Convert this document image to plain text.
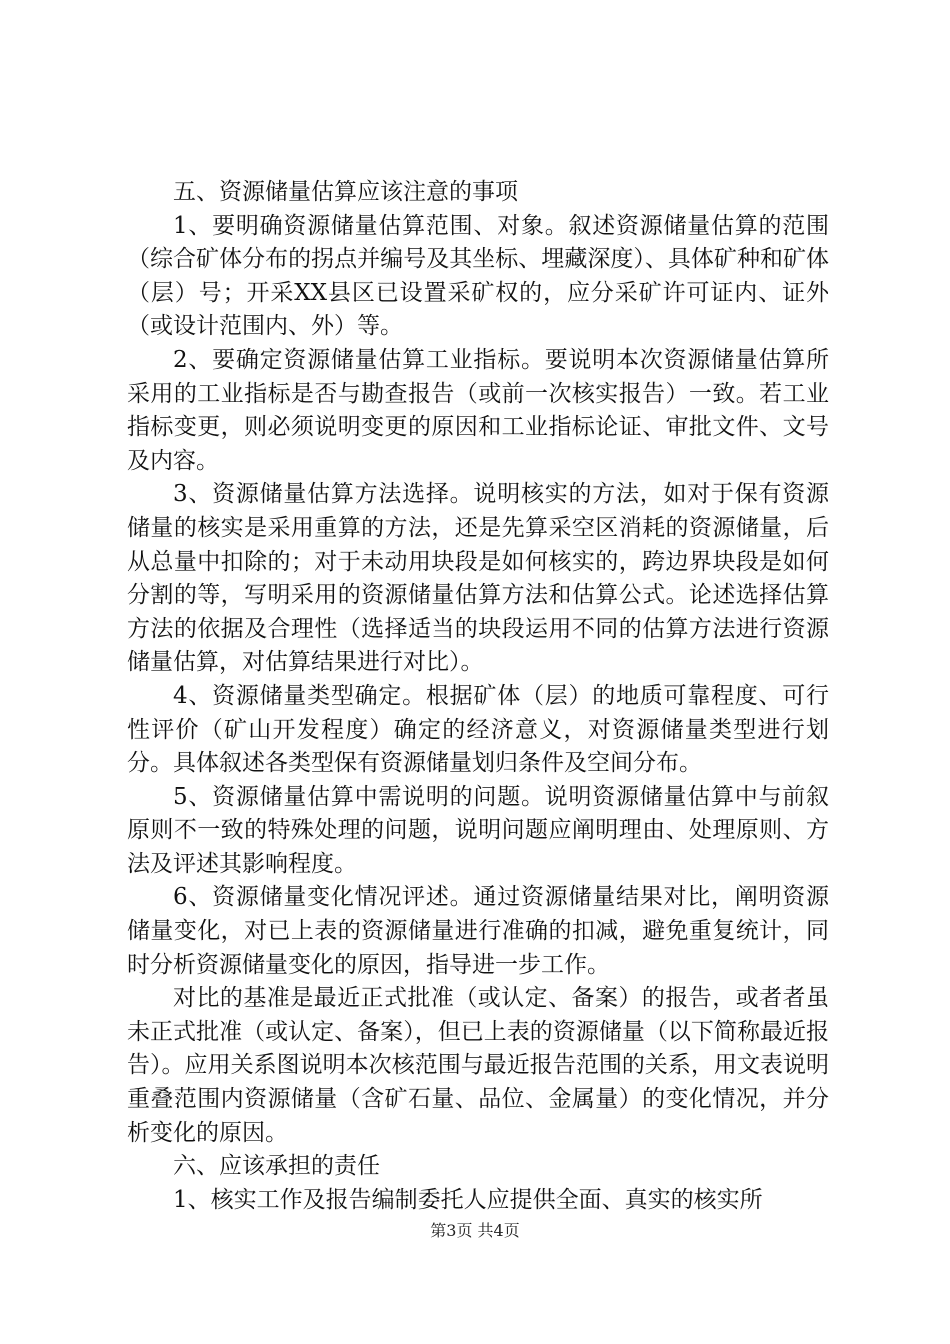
五、资源储量估算应该注意的事项

1、要明确资源储量估算范围、对象。叙述资源储量估算的范围（综合矿体分布的拐点并编号及其坐标、埋藏深度）、具体矿种和矿体（层）号；开采XX县区已设置采矿权的，应分采矿许可证内、证外（或设计范围内、外）等。

2、要确定资源储量估算工业指标。要说明本次资源储量估算所采用的工业指标是否与勘查报告（或前一次核实报告）一致。若工业指标变更，则必须说明变更的原因和工业指标论证、审批文件、文号及内容。

3、资源储量估算方法选择。说明核实的方法，如对于保有资源储量的核实是采用重算的方法，还是先算采空区消耗的资源储量，后从总量中扣除的；对于未动用块段是如何核实的，跨边界块段是如何分割的等，写明采用的资源储量估算方法和估算公式。论述选择估算方法的依据及合理性（选择适当的块段运用不同的估算方法进行资源储量估算，对估算结果进行对比）。

4、资源储量类型确定。根据矿体（层）的地质可靠程度、可行性评价（矿山开发程度）确定的经济意义，对资源储量类型进行划分。具体叙述各类型保有资源储量划归条件及空间分布。

5、资源储量估算中需说明的问题。说明资源储量估算中与前叙原则不一致的特殊处理的问题，说明问题应阐明理由、处理原则、方法及评述其影响程度。

6、资源储量变化情况评述。通过资源储量结果对比，阐明资源储量变化，对已上表的资源储量进行准确的扣减，避免重复统计，同时分析资源储量变化的原因，指导进一步工作。

对比的基准是最近正式批准（或认定、备案）的报告，或者者虽未正式批准（或认定、备案），但已上表的资源储量（以下简称最近报告）。应用关系图说明本次核范围与最近报告范围的关系，用文表说明重叠范围内资源储量（含矿石量、品位、金属量）的变化情况，并分析变化的原因。

六、应该承担的责任

1、核实工作及报告编制委托人应提供全面、真实的核实所

第3页 共4页
